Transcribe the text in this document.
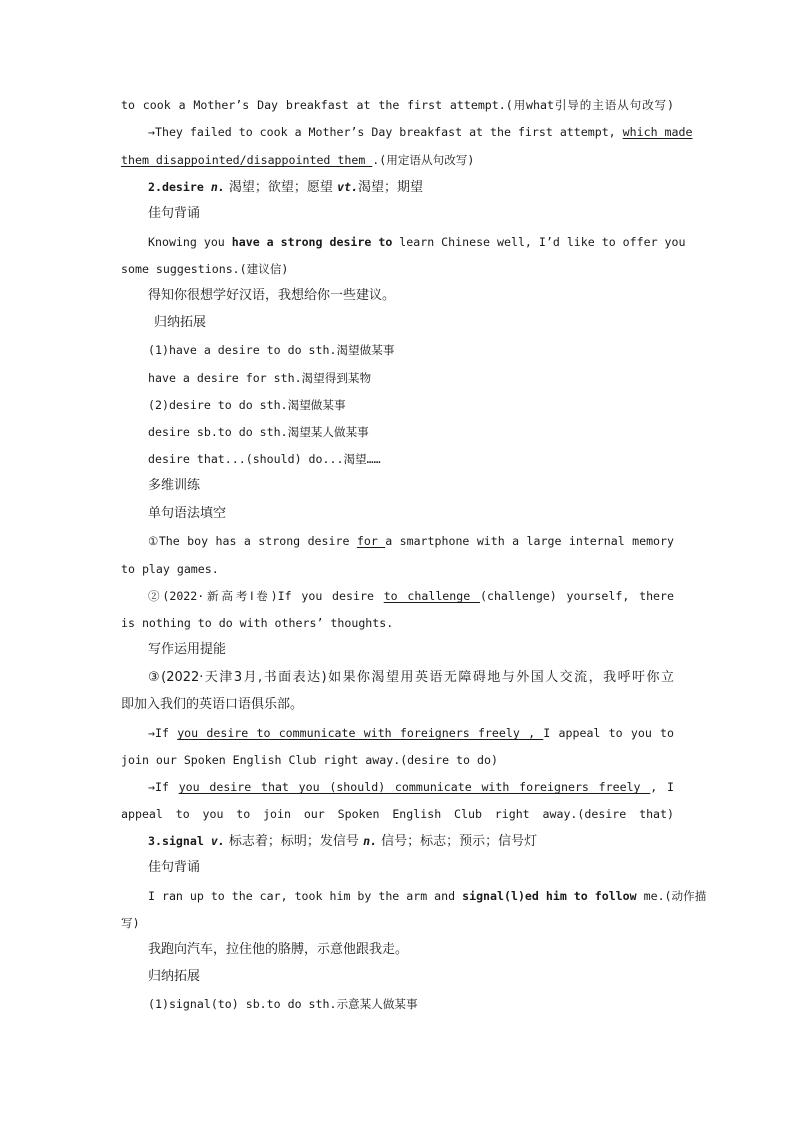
to cook a Mother’s Day breakfast at the first attempt.(用what引导的主语从句改写)
→They failed to cook a Mother’s Day breakfast at the first attempt, which made
them disappointed/disappointed them .(用定语从句改写)
2.desire n. 渴望；欲望；愿望 vt.渴望；期望
佳句背诵
Knowing you have a strong desire to learn Chinese well, I’d like to offer you
some suggestions.(建议信)
得知你很想学好汉语，我想给你一些建议。
归纳拓展
(1)have a desire to do sth.渴望做某事
have a desire for sth.渴望得到某物
(2)desire to do sth.渴望做某事
desire sb.to do sth.渴望某人做某事
desire that...(should) do...渴望……
多维训练
单句语法填空
①The boy has a strong desire for a smartphone with a large internal memory
to play games.
②(2022·新高考Ⅰ卷)If you desire to challenge (challenge) yourself, there
is nothing to do with others’ thoughts.
写作运用提能
③(2022·天津3月,书面表达)如果你渴望用英语无障碍地与外国人交流，我呼吁你立
即加入我们的英语口语俱乐部。
→If you desire to communicate with foreigners freely , I appeal to you to
join our Spoken English Club right away.(desire to do)
→If you desire that you (should) communicate with foreigners freely , I
appeal to you to join our Spoken English Club right away.(desire that)
3.signal v. 标志着；标明；发信号 n. 信号；标志；预示；信号灯
佳句背诵
I ran up to the car, took him by the arm and signal(l)ed him to follow me.(动作描
写)
我跑向汽车，拉住他的胳膊，示意他跟我走。
归纳拓展
(1)signal(to) sb.to do sth.示意某人做某事
